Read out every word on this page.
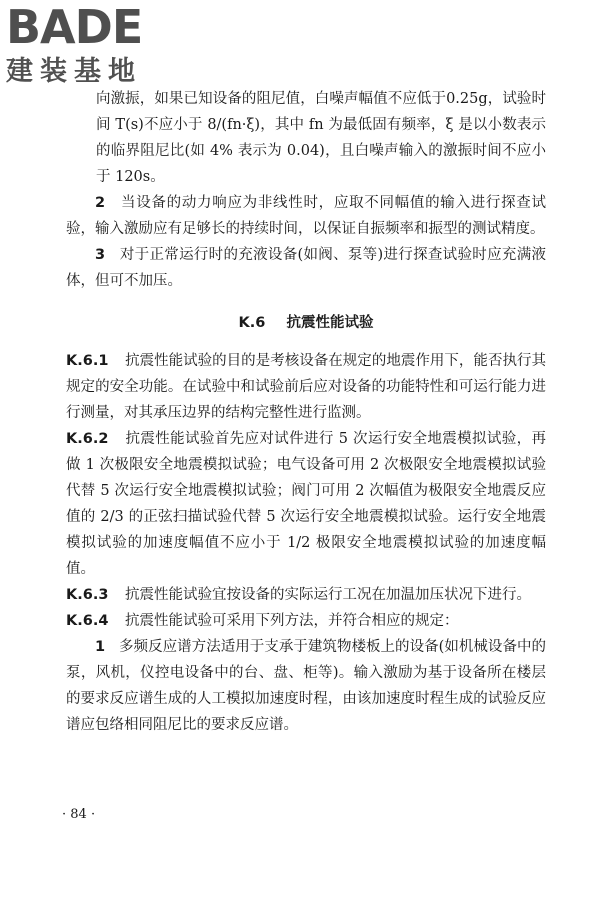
BADE
建装基地

向激振，如果已知设备的阻尼值，白噪声幅值不应低于0.25g，试验时间 T(s)不应小于 8/(fn·ξ)，其中 fn 为最低固有频率，ξ 是以小数表示的临界阻尼比(如 4% 表示为 0.04)，且白噪声输入的激振时间不应小于 120s。

2 当设备的动力响应为非线性时，应取不同幅值的输入进行探查试验，输入激励应有足够长的持续时间，以保证自振频率和振型的测试精度。

3 对于正常运行时的充液设备(如阀、泵等)进行探查试验时应充满液体，但可不加压。

K.6 抗震性能试验

K.6.1 抗震性能试验的目的是考核设备在规定的地震作用下，能否执行其规定的安全功能。在试验中和试验前后应对设备的功能特性和可运行能力进行测量，对其承压边界的结构完整性进行监测。

K.6.2 抗震性能试验首先应对试件进行 5 次运行安全地震模拟试验，再做 1 次极限安全地震模拟试验；电气设备可用 2 次极限安全地震模拟试验代替 5 次运行安全地震模拟试验；阀门可用 2 次幅值为极限安全地震反应值的 2/3 的正弦扫描试验代替 5 次运行安全地震模拟试验。运行安全地震模拟试验的加速度幅值不应小于 1/2 极限安全地震模拟试验的加速度幅值。

K.6.3 抗震性能试验宜按设备的实际运行工况在加温加压状况下进行。

K.6.4 抗震性能试验可采用下列方法，并符合相应的规定：

1 多频反应谱方法适用于支承于建筑物楼板上的设备(如机械设备中的泵，风机，仪控电设备中的台、盘、柜等)。输入激励为基于设备所在楼层的要求反应谱生成的人工模拟加速度时程，由该加速度时程生成的试验反应谱应包络相同阻尼比的要求反应谱。

· 84 ·
